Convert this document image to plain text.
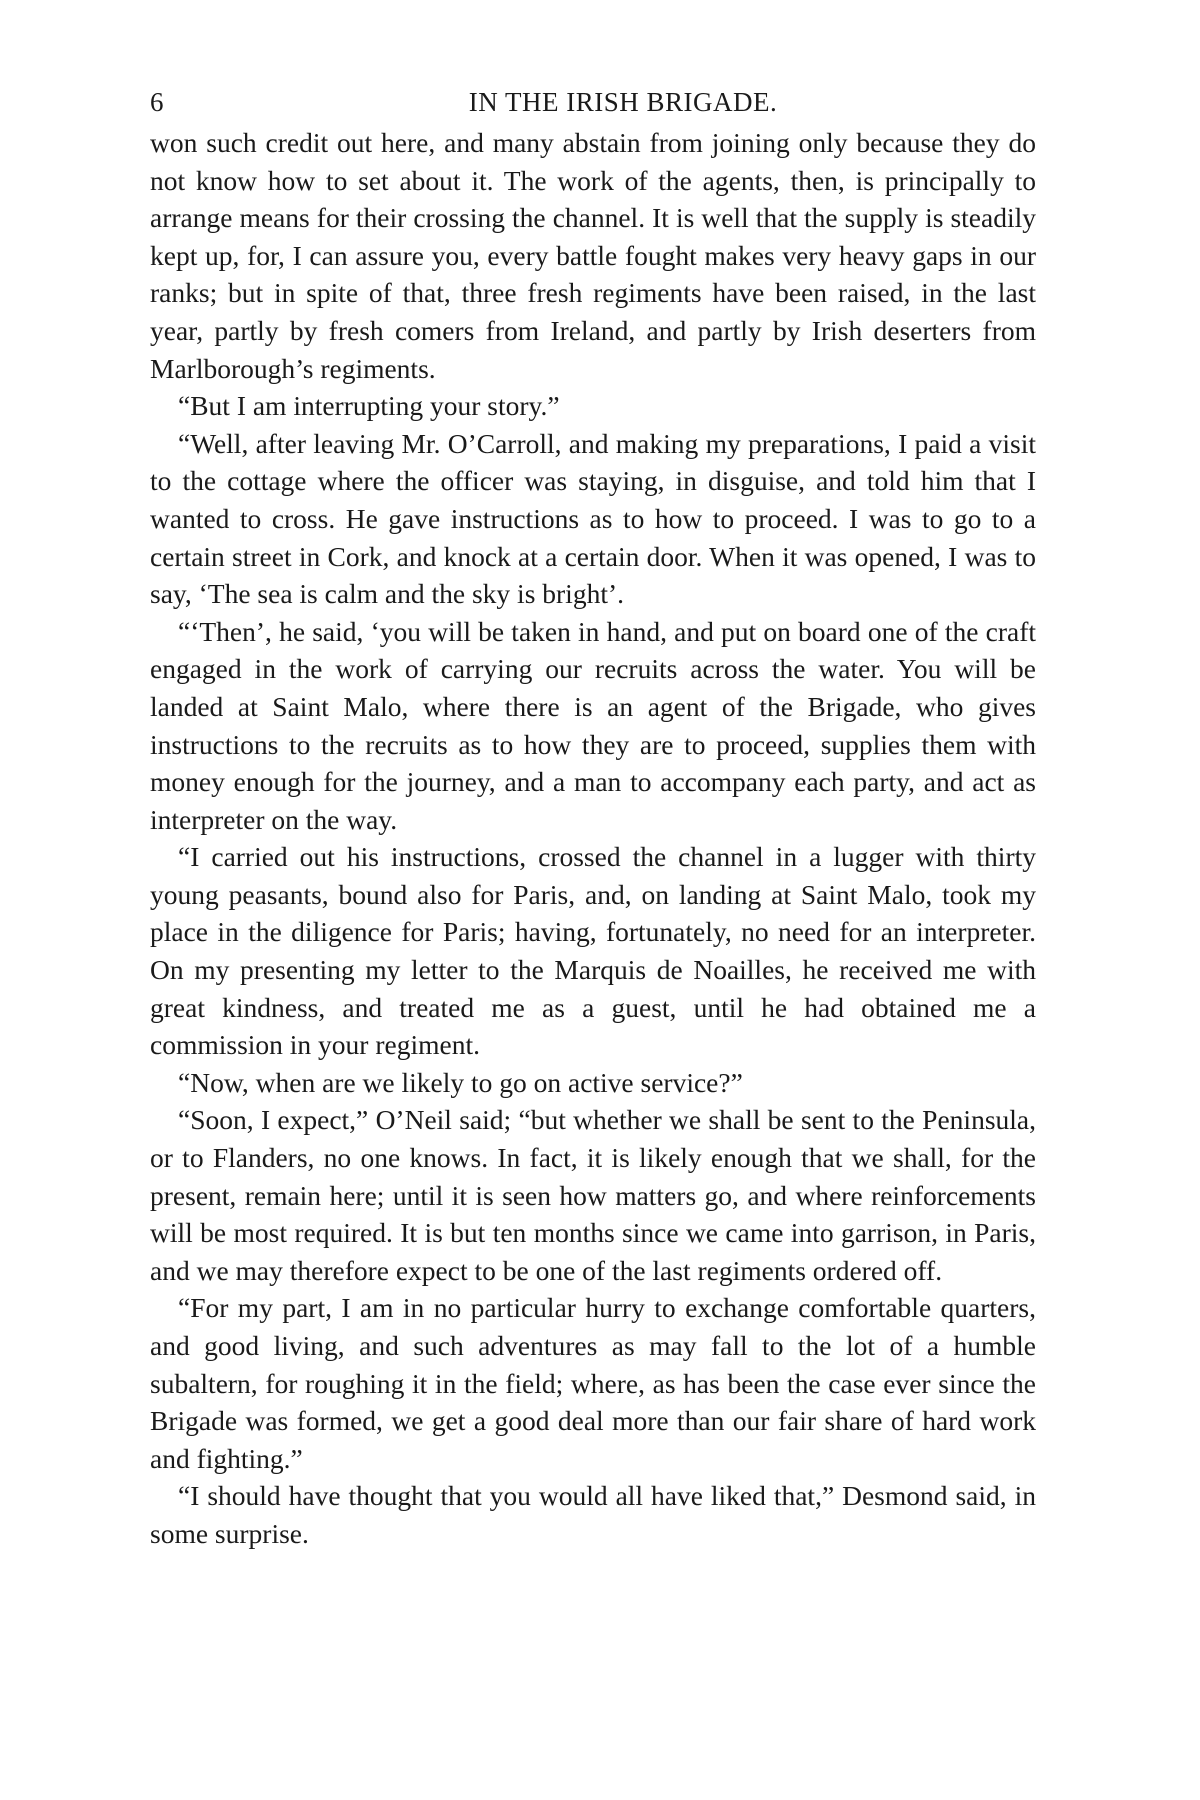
6	IN THE IRISH BRIGADE.

won such credit out here, and many abstain from joining only because they do not know how to set about it. The work of the agents, then, is principally to arrange means for their crossing the channel. It is well that the supply is steadily kept up, for, I can assure you, every battle fought makes very heavy gaps in our ranks; but in spite of that, three fresh regiments have been raised, in the last year, partly by fresh comers from Ireland, and partly by Irish deserters from Marlborough’s regiments.

“But I am interrupting your story.”

“Well, after leaving Mr. O’Carroll, and making my preparations, I paid a visit to the cottage where the officer was staying, in disguise, and told him that I wanted to cross. He gave instructions as to how to proceed. I was to go to a certain street in Cork, and knock at a certain door. When it was opened, I was to say, ‘The sea is calm and the sky is bright’.

“‘Then’, he said, ‘you will be taken in hand, and put on board one of the craft engaged in the work of carrying our recruits across the water. You will be landed at Saint Malo, where there is an agent of the Brigade, who gives instructions to the recruits as to how they are to proceed, supplies them with money enough for the journey, and a man to accompany each party, and act as interpreter on the way.

“I carried out his instructions, crossed the channel in a lugger with thirty young peasants, bound also for Paris, and, on landing at Saint Malo, took my place in the diligence for Paris; having, fortunately, no need for an interpreter. On my presenting my letter to the Marquis de Noailles, he received me with great kindness, and treated me as a guest, until he had obtained me a commission in your regiment.

“Now, when are we likely to go on active service?”

“Soon, I expect,” O’Neil said; “but whether we shall be sent to the Peninsula, or to Flanders, no one knows. In fact, it is likely enough that we shall, for the present, remain here; until it is seen how matters go, and where reinforcements will be most required. It is but ten months since we came into garrison, in Paris, and we may therefore expect to be one of the last regiments ordered off.

“For my part, I am in no particular hurry to exchange comfortable quarters, and good living, and such adventures as may fall to the lot of a humble subaltern, for roughing it in the field; where, as has been the case ever since the Brigade was formed, we get a good deal more than our fair share of hard work and fighting.”

“I should have thought that you would all have liked that,” Desmond said, in some surprise.
